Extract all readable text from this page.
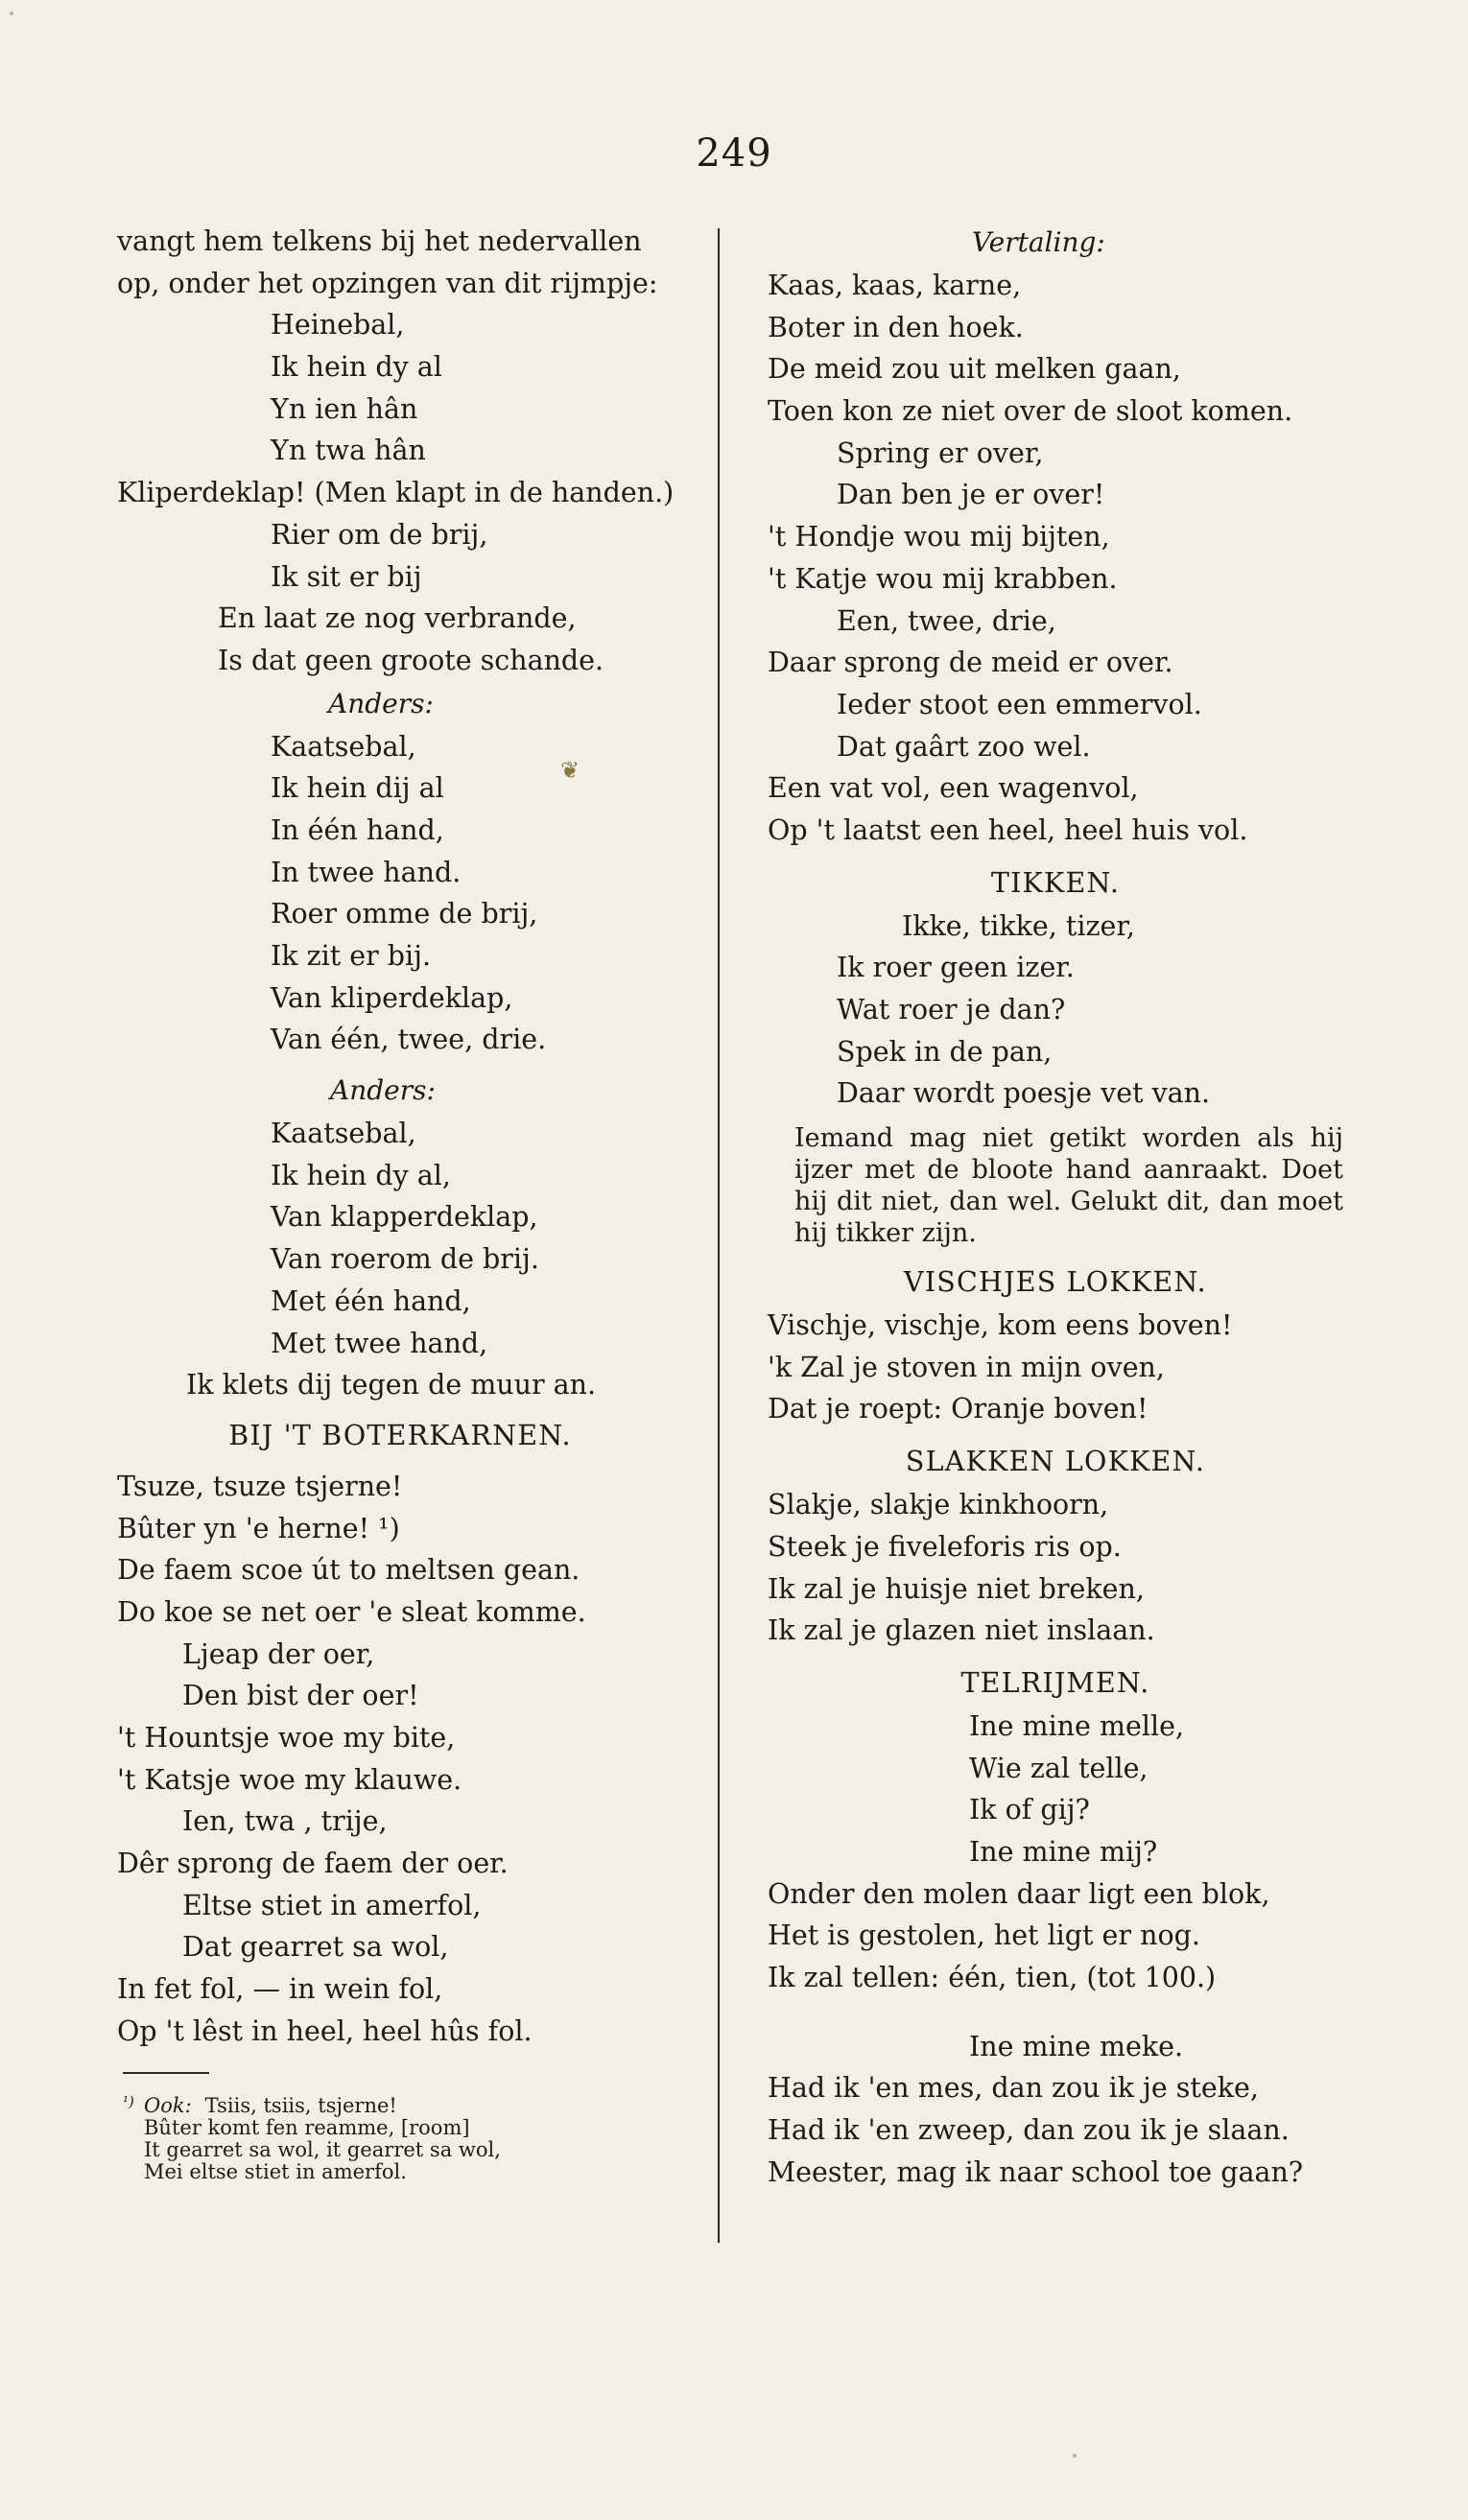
249
❦
vangt hem telkens bij het nedervallen
op, onder het opzingen van dit rijmpje:
Heinebal,
Ik hein dy al
Yn ien hân
Yn twa hân
Kliperdeklap! (Men klapt in de handen.)
Rier om de brij,
Ik sit er bij
En laat ze nog verbrande,
Is dat geen groote schande.
Anders:
Kaatsebal,
Ik hein dij al
In één hand,
In twee hand.
Roer omme de brij,
Ik zit er bij.
Van kliperdeklap,
Van één, twee, drie.
Anders:
Kaatsebal,
Ik hein dy al,
Van klapperdeklap,
Van roerom de brij.
Met één hand,
Met twee hand,
Ik klets dij tegen de muur an.
BIJ 'T BOTERKARNEN.
Tsuze, tsuze tsjerne!
Bûter yn 'e herne! ¹)
De faem scoe út to meltsen gean.
Do koe se net oer 'e sleat komme.
Ljeap der oer,
Den bist der oer!
't Hountsje woe my bite,
't Katsje woe my klauwe.
Ien, twa , trije,
Dêr sprong de faem der oer.
Eltse stiet in amerfol,
Dat gearret sa wol,
In fet fol, — in wein fol,
Op 't lêst in heel, heel hûs fol.
¹) Ook: Tsiis, tsiis, tsjerne!
Bûter komt fen reamme, [room]
It gearret sa wol, it gearret sa wol,
Mei eltse stiet in amerfol.
Vertaling:
Kaas, kaas, karne,
Boter in den hoek.
De meid zou uit melken gaan,
Toen kon ze niet over de sloot komen.
Spring er over,
Dan ben je er over!
't Hondje wou mij bijten,
't Katje wou mij krabben.
Een, twee, drie,
Daar sprong de meid er over.
Ieder stoot een emmervol.
Dat gaârt zoo wel.
Een vat vol, een wagenvol,
Op 't laatst een heel, heel huis vol.
TIKKEN.
Ikke, tikke, tizer,
Ik roer geen izer.
Wat roer je dan?
Spek in de pan,
Daar wordt poesje vet van.
Iemand mag niet getikt worden als hij ijzer met de bloote hand aanraakt. Doet hij dit niet, dan wel. Gelukt dit, dan moet hij tikker zijn.
VISCHJES LOKKEN.
Vischje, vischje, kom eens boven!
'k Zal je stoven in mijn oven,
Dat je roept: Oranje boven!
SLAKKEN LOKKEN.
Slakje, slakje kinkhoorn,
Steek je fiveleforis ris op.
Ik zal je huisje niet breken,
Ik zal je glazen niet inslaan.
TELRIJMEN.
Ine mine melle,
Wie zal telle,
Ik of gij?
Ine mine mij?
Onder den molen daar ligt een blok,
Het is gestolen, het ligt er nog.
Ik zal tellen: één, tien, (tot 100.)
Ine mine meke.
Had ik 'en mes, dan zou ik je steke,
Had ik 'en zweep, dan zou ik je slaan.
Meester, mag ik naar school toe gaan?
